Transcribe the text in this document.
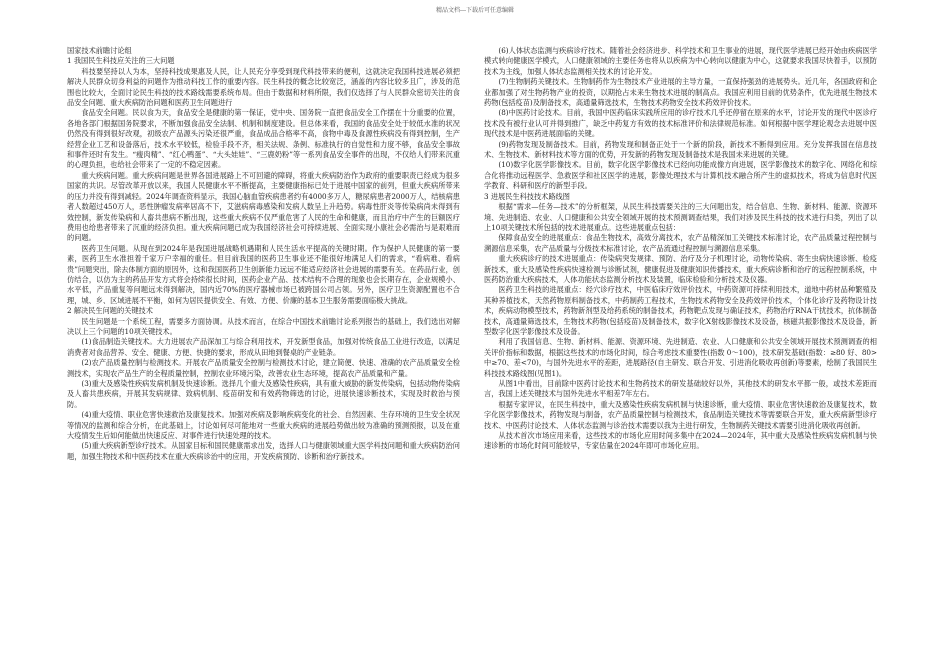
精品文档---下载后可任意编辑
国家技术前瞻讨论组
1 我国民生科技应关注的三大问题

科技要坚持以人为本，坚持科技成果惠及人民，让人民充分享受到现代科技带来的便利，这就决定我国科技进展必须把解决人民群众切身利益的问题作为推动科技工作的重要内容。民生科技的概念比较宽泛，涵盖的内容比较多且广，涉及的范围也比较大，全面讨论民生科技的技术路线需要系统布局。但由于数据和材料所限，我们仅选择了与人民群众密切关注的食品安全问题、重大疾病防治问题和医药卫生问题进行

食品安全问题。民以食为天，食品安全是健康的第一保证，党中央、国务院一直把食品安全工作摆在十分重要的位置，各地各部门根据国务院要求，不断加强食品安全法制、机制和制度建设。但总体来看，我国的食品安全处于较低水准的状况仍然没有得到很好改观，初级农产品源头污染还很严重，食品成品合格率不高，食物中毒及食源性疾病没有得到控制，生产经营企业工艺和设备落后，技术水平较低，检验手段不齐，相关法规、条例、标准执行的自觉性和力度不够，食品安全事故和事件还时有发生。“瘦肉精”、“红心鸭蛋”、“大头娃娃”、“三鹿奶粉”等一系列食品安全事件的出现，不仅给人们带来沉重的心理负担，也给社会带来了一定的不稳定因素。

重大疾病问题。重大疾病问题是世界各国进展路上不可回避的障碍，将重大疾病防治作为政府的重要职责已经成为很多国家的共识。尽管改革开放以来，我国人民健康水平不断提高，主要健康指标已处于进展中国家的前列，但重大疾病所带来的压力并没有得到减轻。2024年调查资料显示，我国心脑血管疾病患者约有4000多万人，糖尿病患者2000万人，结核病患者人数超过450万人，恶性肿瘤发病率居高不下，艾滋病病毒感染和发病人数呈上升趋势。病毒性肝炎等传染病尚未得到有效控制，新发传染病和人畜共患病不断出现，这些重大疾病不仅严重危害了人民的生命和健康，而且治疗中产生的巨额医疗费用也给患者带来了沉重的经济负担。重大疾病问题已成为我国经济社会可持续进展、全面实现小康社会必需治与是艰难而的问题。

医药卫生问题。从现在到2024年是我国进展战略机遇期和人民生活水平提高的关键时期。作为保护人民健康的第一要素，医药卫生水准担着千家万户幸福的重任。但目前我国的医药卫生事业还不能很好地满足人们的需求，“看病难、看病贵”问题突出，除去体制方面的原因外，这和我国医药卫生创新能力远远不能适应经济社会进展的需要有关。在药品行业，创仿结合，以仿为主的药品开发方式将会持续很长时间，医药企业产品、技术结构不合理的现象也会长期存在，企业规模小、水平低，产品重复等问题远未得到解决，国内近70%的医疗器械市场已被跨国公司占领。另外，医疗卫生资源配置也不合理，城、乡、区域进展不平衡，如何为居民提供安全、有效、方便、价廉的基本卫生服务需要面临极大挑战。

2 解决民生问题的关键技术

民生问题是一个系统工程，需要多方面协调。从技术而言，在综合中国技术前瞻讨论系列报告的基础上，我们选出对解决以上三个问题的10项关键技术。

(1)食品制造关键技术。大力进展农产品深加工与综合利用技术，开发新型食品，加强对传统食品工业进行改造，以满足消费者对食品营养、安全、健康、方便、快捷的要求，形成从田地到餐桌的产业链条。

(2)农产品质量控制与检测技术。开展农产品质量安全控制与检测技术讨论，建立简便、快速、准确的农产品质量安全检测技术，实现农产品生产的全程质量控制，控制农业环境污染，改善农业生态环境，提高农产品质量和产量。

(3)重大及感染性疾病发病机制及快速诊断。选择几个重大及感染性疾病，具有重大威胁的新发传染病，包括动物传染病及人畜共患疾病，开展其发病规律、致病机制、疫苗研发和有效药物筛选的讨论，进展快速诊断技术，实现及时救治与预防。

(4)重大疫情、职业危害快速救治及康复技术。加强对疾病及影响疾病变化的社会、自然因素、生存环境的卫生安全状况等情况的监测和综合分析，在此基础上，讨论如何尽可能地对一些重大疾病的进展趋势做出较为准确的预测预报，以及在重大疫情发生后如何能做出快速反应、对事件进行快速处理的技术。

(5)重大疾病新型诊疗技术。从国家目标和国民健康需求出发，选择人口与健康领域重大医学科技问题和重大疾病防治问题，加强生物技术和中医药技术在重大疾病诊治中的应用，开发疾病预防、诊断和治疗新技术。

(6)人体状态监测与疾病诊疗技术。随着社会经济进步、科学技术和卫生事业的进展，现代医学进展已经开始由疾病医学模式转向健康医学模式，人口健康领域的主要任务也将从以疾病为中心转向以健康为中心，这就要求我国尽快着手，以预防技术为主线，加强人体状态监测相关技术的讨论开发。

(7)生物制药关键技术。生物制药作为生物技术产业进展的主导方量，一直保持强劲的进展势头。近几年，各国政府和企业都加强了对生物药物产业的投资，以期抢占未来生物技术进展的制高点。我国应利用目前的优势条件，优先进展生物技术药物(包括疫苗)及制备技术，高通量筛选技术，生物技术药物安全技术药效评价技术。

(8)中医药讨论技术。目前，我国中医药临床实践所应用的诊疗技术几乎还停留在原来的水平，讨论开发的现代中医诊疗技术没有被行业认可并得到推广，缺乏中药复方有效的技术标准评价和法律规范标准。如何根据中医学理论观念去进展中医现代技术是中医药进展面临的关键。

(9)药物发现及制备技术。目前，药物发现和制备正处于一个新的阶段，新技术不断得到应用。充分发挥我国在信息技术、生物技术、新材料技术等方面的优势，开发新的药物发现及制备技术是我国未来进展的关键。

(10)数字化医学影像技术。目前，数字化医学影像技术已经向功能成像方向进展，医学影像技术的数字化、网络化和综合化将推动远程医学、急救医学和社区医学的进展，影像处理技术与计算机技术融合所产生的虚拟技术，将成为信息时代医学教育、科研和医疗的新型手段。

3 进展民生科技技术路线图

根据“需求—任务—技术”的分析框架，从民生科技需要关注的三大问题出发，结合信息、生物、新材料、能源、资源环境、先进制造、农业、人口健康和公共安全领域开展的技术预测调查结果，我们对涉及民生科技的技术进行归类，列出了以上10项关键技术所包括的技术进展重点。这些进展重点包括：

保障食品安全的进展重点：食品生物技术，高效分离技术，农产品精深加工关键技术标准讨论，农产品质量过程控制与溯源信息采集，农产品质量与分级技术标准讨论，农产品流通过程控制与溯源信息采集。

重大疾病诊疗的技术进展重点：传染病突发规律、预防、治疗及分子机理讨论，动物传染病、寄生虫病快速诊断、检疫新技术，重大及感染性疾病快速检测与诊断试剂，健康促进及健康知识传播技术，重大疾病诊断和治疗的远程控制系统，中医药防治重大疾病技术，人体功能状态监测分析技术及装置，临床检验和分析技术及仪器。

医药卫生科技的进展重点：经穴诊疗技术，中医临床疗效评价技术，中药资源可持续利用技术，道地中药材品种繁殖及其种养植技术，天然药物原料制备技术，中药制药工程技术，生物技术药物安全及药效评价技术，个体化诊疗及药物设计技术，疾病动物模型技术，药物新剂型及给药系统的制备技术，药物靶点发现与确证技术，药物治疗RNA干扰技术，抗体制备技术，高通量筛选技术，生物技术药物(包括疫苗)及制备技术，数字化X射线影像技术及设备，核磁共振影像技术及设备，新型数字化医学影像技术及设备。

利用了我国信息、生物、新材料、能源、资源环境、先进制造、农业、人口健康和公共安全领域开展技术预测调查的相关评价指标和数据，根据这些技术的市场化时间，综合考虑技术重要性(指数 0～100)，技术研发基础(指数：≥80 好、80>中≥70、差<70)，与国外先进水平的差距，进展路径(自主研发、联合开发、引进消化吸收再创新)等要素，绘制了我国民生科技技术路线图(见图1)。

从图1中看出，目前除中医药讨论技术和生物药技术的研发基础较好以外，其他技术的研发水平都一般，或技术差距而言，我国上述关键技术与国外先进水平相差7年左右。

根据专家评议，在民生科技中，重大及感染性疾病发病机制与快速诊断，重大疫情、职业危害快速救治及康复技术，数字化医学影像技术，药物发现与制备，农产品质量控制与检测技术，食品制造关键技术等需要联合开发，重大疾病新型诊疗技术、中医药讨论技术、人体状态监测与诊治技术需要以我为主进行研发，生物制药关键技术需要引进消化吸收再创新。

从技术首次市场应用来看，这些技术的市场化应用时间多集中在2024—2024年，其中重大及感染性疾病发病机制与快速诊断的市场化时间可能较早，专家估量在2024年即可市场化应用。
